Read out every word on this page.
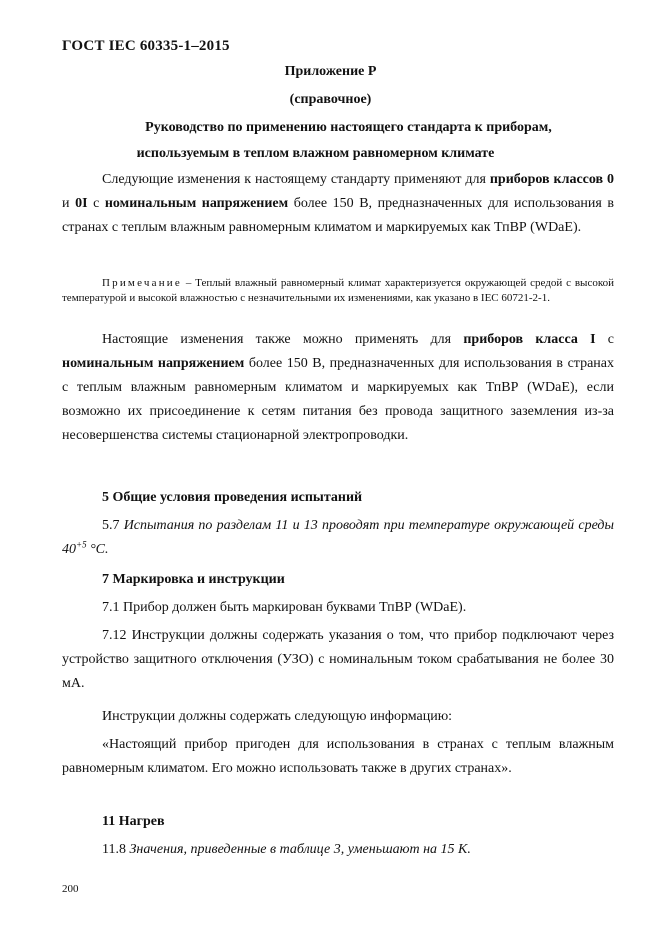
ГОСТ IEC 60335-1–2015
Приложение Р
(справочное)
Руководство по применению настоящего стандарта к приборам,
используемым в теплом влажном равномерном климате
Следующие изменения к настоящему стандарту применяют для приборов классов 0 и 0I с номинальным напряжением более 150 В, предназначенных для использования в странах с теплым влажным равномерным климатом и маркируемых как ТпВР (WDaE).
Примечание – Теплый влажный равномерный климат характеризуется окружающей средой с высокой температурой и высокой влажностью с незначительными их изменениями, как указано в IEC 60721-2-1.
Настоящие изменения также можно применять для приборов класса I с номинальным напряжением более 150 В, предназначенных для использования в странах с теплым влажным равномерным климатом и маркируемых как ТпВР (WDaE), если возможно их присоединение к сетям питания без провода защитного заземления из-за несовершенства системы стационарной электропроводки.
5 Общие условия проведения испытаний
5.7 Испытания по разделам 11 и 13 проводят при температуре окружающей среды $40^{+5}$ °С.
7 Маркировка и инструкции
7.1 Прибор должен быть маркирован буквами ТпВР (WDaE).
7.12 Инструкции должны содержать указания о том, что прибор подключают через устройство защитного отключения (УЗО) с номинальным током срабатывания не более 30 мА.
Инструкции должны содержать следующую информацию:
«Настоящий прибор пригоден для использования в странах с теплым влажным равномерным климатом. Его можно использовать также в других странах».
11 Нагрев
11.8 Значения, приведенные в таблице 3, уменьшают на 15 К.
200
